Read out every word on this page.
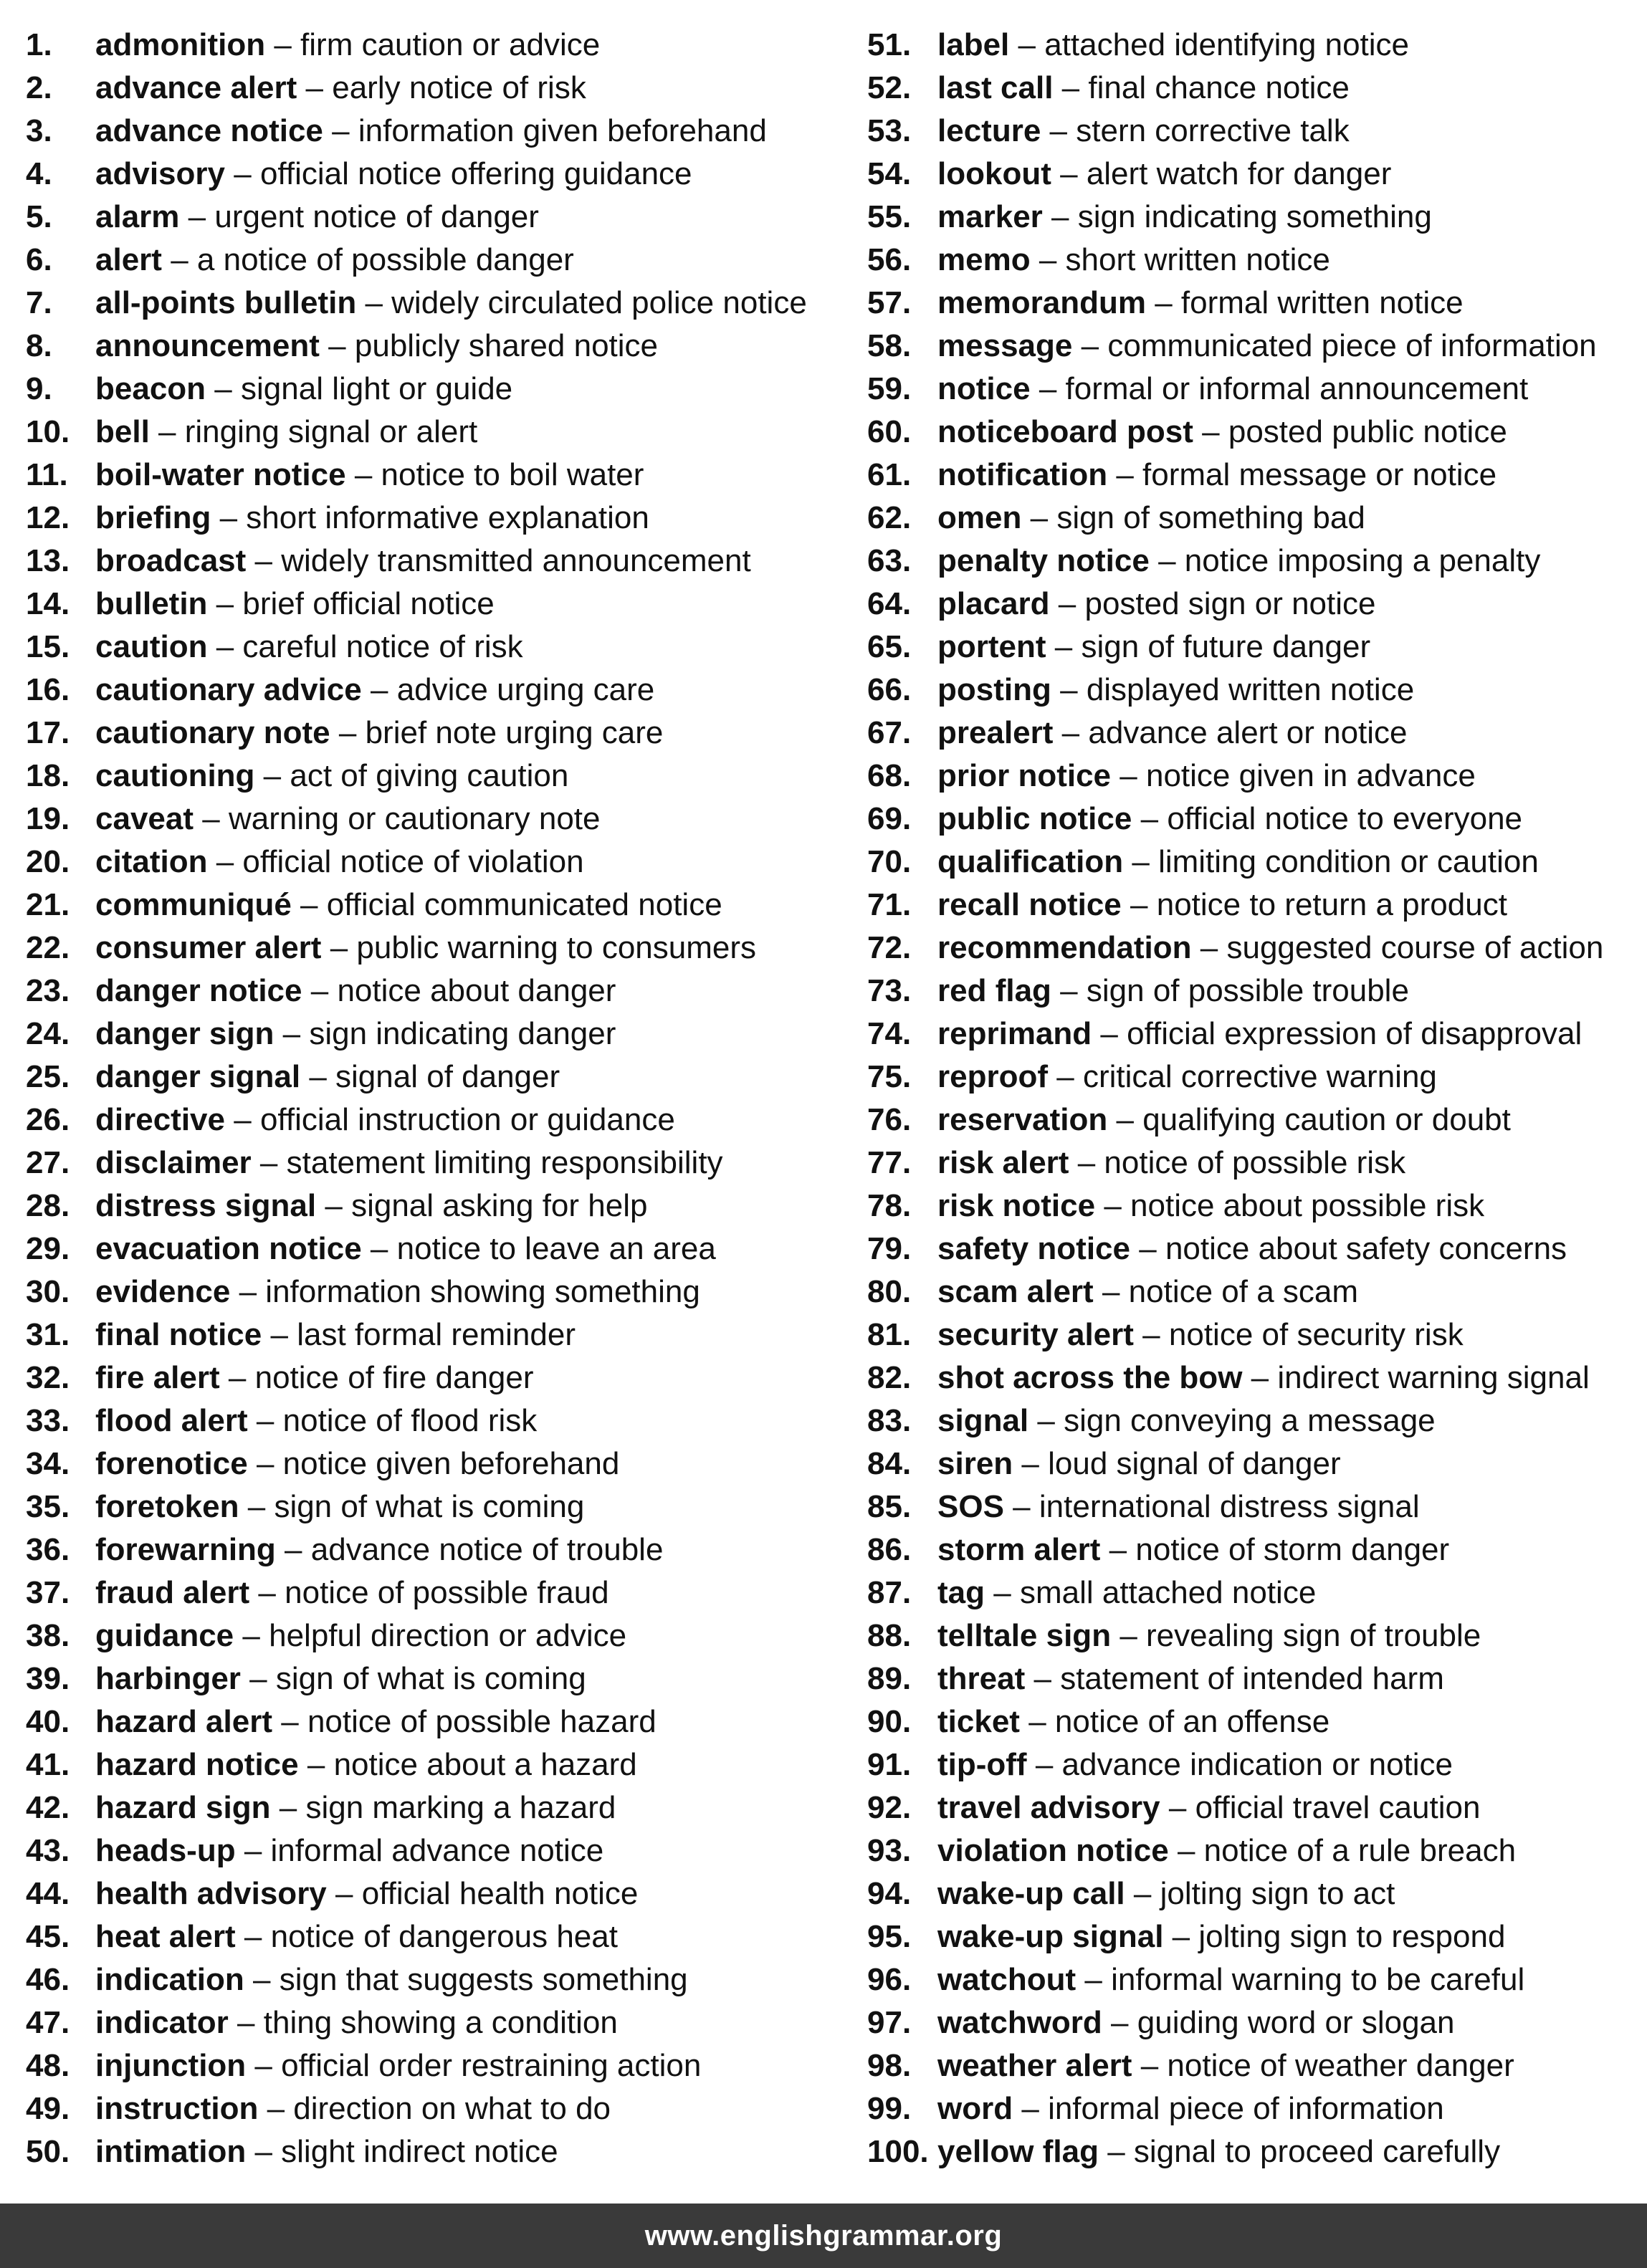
1.	admonition
–
firm caution or advice
2.	advance alert
–
early notice of risk
3.	advance notice
–
information given beforehand
4.	advisory
–
official notice offering guidance
5.	alarm
–
urgent notice of danger
6.	alert
–
a notice of possible danger
7.	all-points bulletin
–
widely circulated police notice
8.	announcement
–
publicly shared notice
9.	beacon
–
signal light or guide
10. bell
–
ringing signal or alert
11. boil-water notice
–
notice to boil water
12. briefing
–
short informative explanation
13. broadcast
–
widely transmitted announcement
14. bulletin
–
brief official notice
15. caution
–
careful notice of risk
16. cautionary advice
–
advice urging care
17. cautionary note
–
brief note urging care
18. cautioning
–
act of giving caution
19. caveat
–
warning or cautionary note
20. citation
–
official notice of violation
21. communiqué
–
official communicated notice
22. consumer alert
–
public warning to consumers
23. danger notice
–
notice about danger
24. danger sign
–
sign indicating danger
25. danger signal
–
signal of danger
26. directive
–
official instruction or guidance
27. disclaimer
–
statement limiting responsibility
28. distress signal
–
signal asking for help
29. evacuation notice
–
notice to leave an area
30. evidence
–
information showing something
31. final notice
–
last formal reminder
32. fire alert
–
notice of fire danger
33. flood alert
–
notice of flood risk
34. forenotice
–
notice given beforehand
35. foretoken
–
sign of what is coming
36. forewarning
–
advance notice of trouble
37. fraud alert
–
notice of possible fraud
38. guidance
–
helpful direction or advice
39. harbinger
–
sign of what is coming
40. hazard alert
–
notice of possible hazard
41. hazard notice
–
notice about a hazard
42. hazard sign
–
sign marking a hazard
43. heads-up
–
informal advance notice
44. health advisory
–
official health notice
45. heat alert
–
notice of dangerous heat
46. indication
–
sign that suggests something
47. indicator
–
thing showing a condition
48. injunction
–
official order restraining action
49. instruction
–
direction on what to do
50. intimation
–
slight indirect notice
51. label
–
attached identifying notice
52. last call
–
final chance notice
53. lecture
–
stern corrective talk
54. lookout
–
alert watch for danger
55. marker
–
sign indicating something
56. memo
–
short written notice
57. memorandum
–
formal written notice
58. message
–
communicated piece of information
59. notice
–
formal or informal announcement
60. noticeboard post
–
posted public notice
61. notification
–
formal message or notice
62. omen
–
sign of something bad
63. penalty notice
–
notice imposing a penalty
64. placard
–
posted sign or notice
65. portent
–
sign of future danger
66. posting
–
displayed written notice
67. prealert
–
advance alert or notice
68. prior notice
–
notice given in advance
69. public notice
–
official notice to everyone
70. qualification
–
limiting condition or caution
71. recall notice
–
notice to return a product
72. recommendation
–
suggested course of action
73. red flag
–
sign of possible trouble
74. reprimand
–
official expression of disapproval
75. reproof
–
critical corrective warning
76. reservation
–
qualifying caution or doubt
77. risk alert
–
notice of possible risk
78. risk notice
–
notice about possible risk
79. safety notice
–
notice about safety concerns
80. scam alert
–
notice of a scam
81. security alert
–
notice of security risk
82. shot across the bow
–
indirect warning signal
83. signal
–
sign conveying a message
84. siren
–
loud signal of danger
85. SOS
–
international distress signal
86. storm alert
–
notice of storm danger
87. tag
–
small attached notice
88. telltale sign
–
revealing sign of trouble
89. threat
–
statement of intended harm
90. ticket
–
notice of an offense
91. tip-off
–
advance indication or notice
92. travel advisory
–
official travel caution
93. violation notice
–
notice of a rule breach
94. wake-up call
–
jolting sign to act
95. wake-up signal
–
jolting sign to respond
96. watchout
–
informal warning to be careful
97. watchword
–
guiding word or slogan
98. weather alert
–
notice of weather danger
99. word
–
informal piece of information
100. yellow flag
–
signal to proceed carefully
www.englishgrammar.org
